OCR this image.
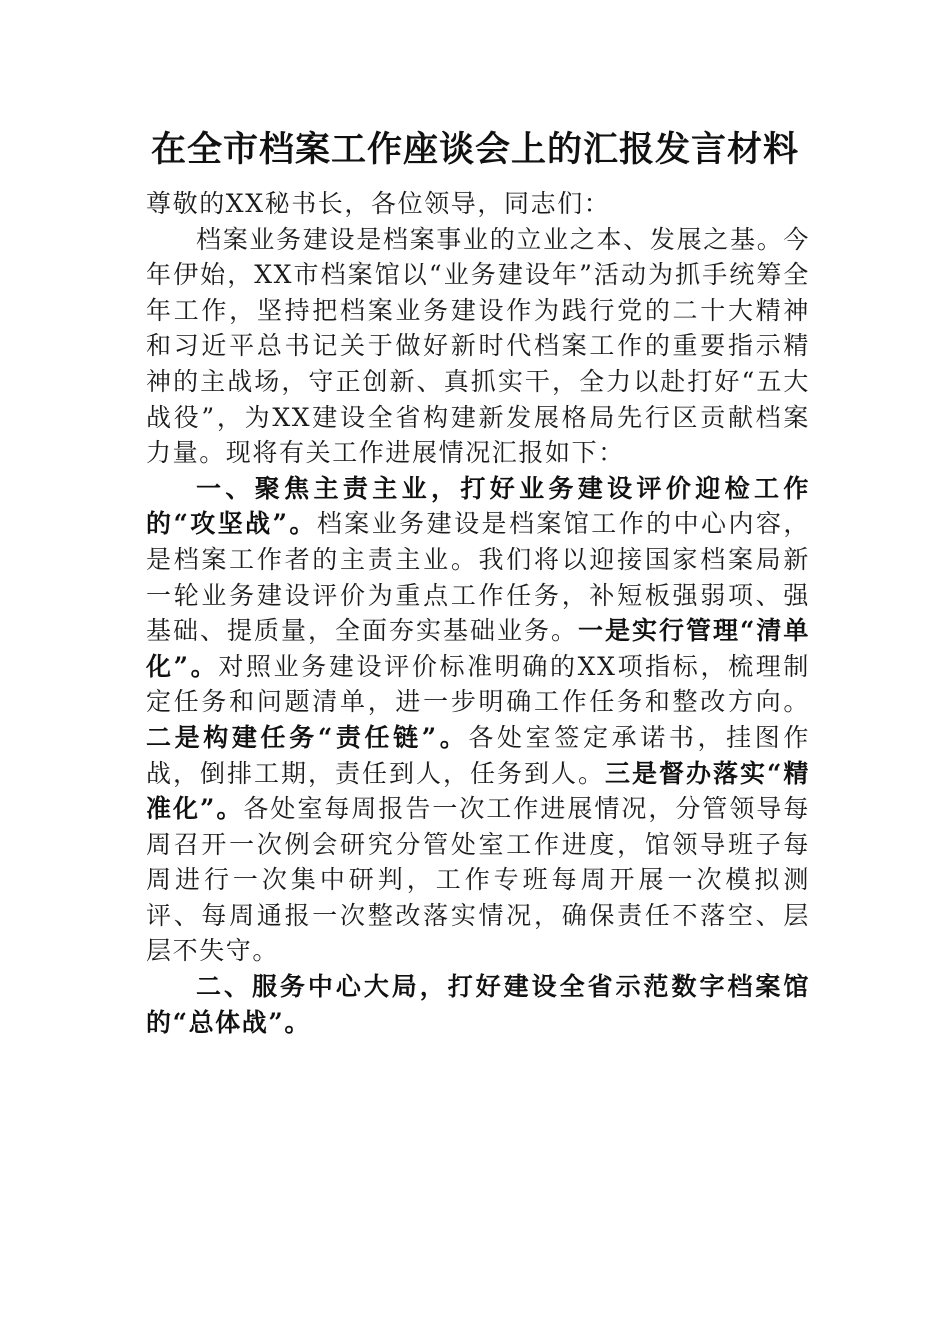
在全市档案工作座谈会上的汇报发言材料

尊敬的XX秘书长，各位领导，同志们：

档案业务建设是档案事业的立业之本、发展之基。今年伊始，XX市档案馆以“业务建设年”活动为抓手统筹全年工作，坚持把档案业务建设作为践行党的二十大精神和习近平总书记关于做好新时代档案工作的重要指示精神的主战场，守正创新、真抓实干，全力以赴打好“五大战役”，为XX建设全省构建新发展格局先行区贡献档案力量。现将有关工作进展情况汇报如下：

一、聚焦主责主业，打好业务建设评价迎检工作的“攻坚战”。档案业务建设是档案馆工作的中心内容，是档案工作者的主责主业。我们将以迎接国家档案局新一轮业务建设评价为重点工作任务，补短板强弱项、强基础、提质量，全面夯实基础业务。一是实行管理“清单化”。对照业务建设评价标准明确的XX项指标，梳理制定任务和问题清单，进一步明确工作任务和整改方向。二是构建任务“责任链”。各处室签定承诺书，挂图作战，倒排工期，责任到人，任务到人。三是督办落实“精准化”。各处室每周报告一次工作进展情况，分管领导每周召开一次例会研究分管处室工作进度，馆领导班子每周进行一次集中研判，工作专班每周开展一次模拟测评、每周通报一次整改落实情况，确保责任不落空、层层不失守。

二、服务中心大局，打好建设全省示范数字档案馆的“总体战”。
